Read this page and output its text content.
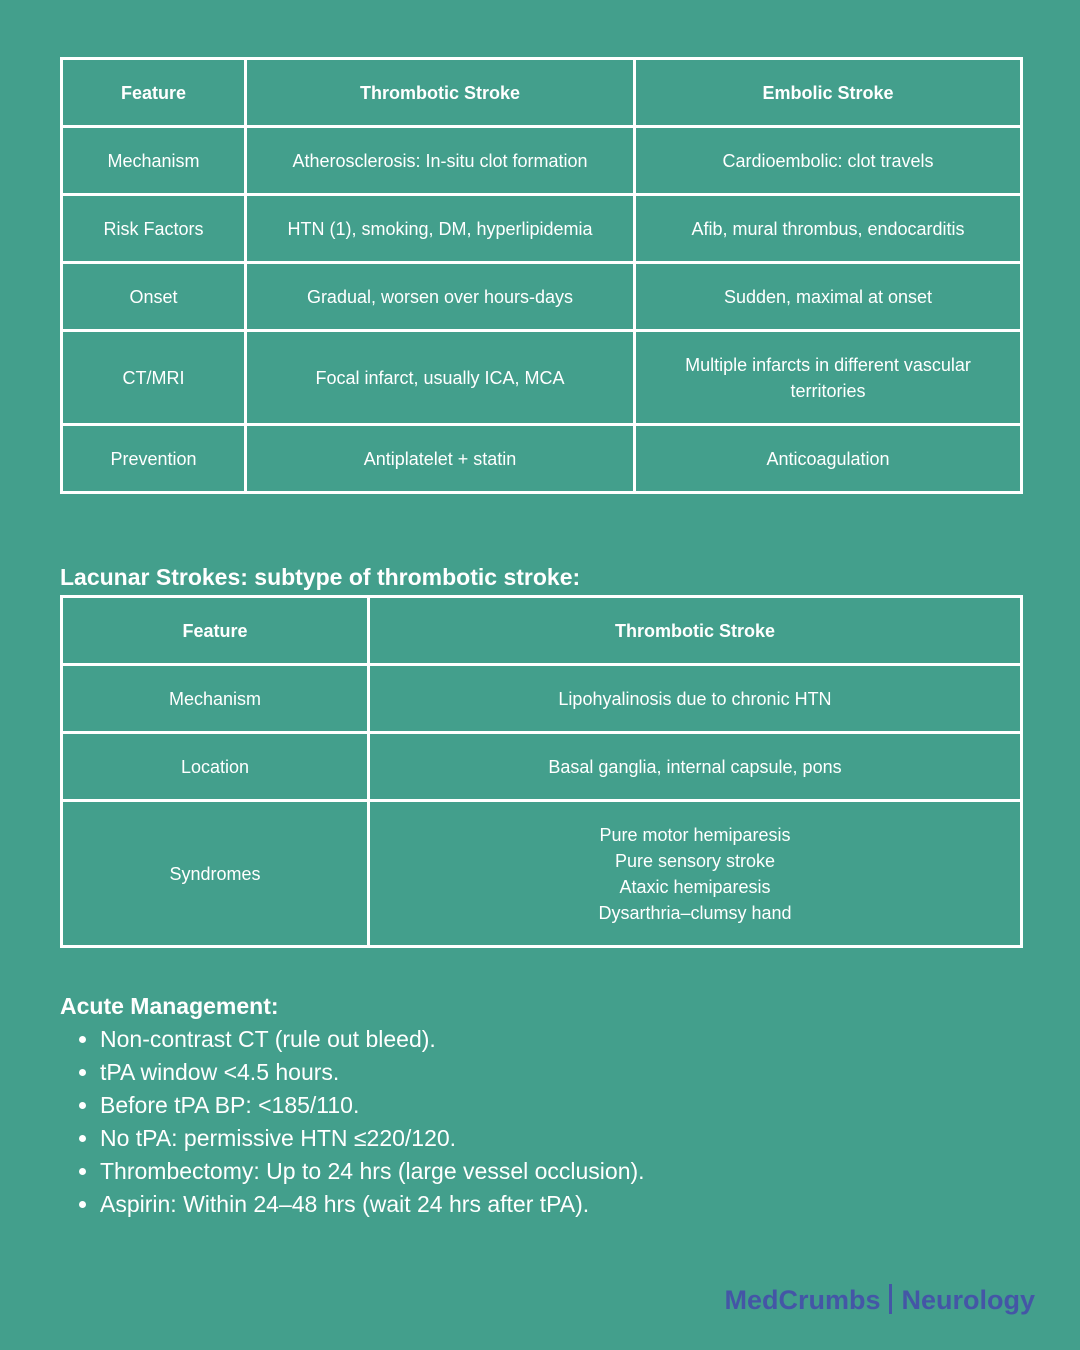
Feature	Thrombotic Stroke	Embolic Stroke
Mechanism	Atherosclerosis: In-situ clot formation	Cardioembolic: clot travels
Risk Factors	HTN (1), smoking, DM, hyperlipidemia	Afib, mural thrombus, endocarditis
Onset	Gradual, worsen over hours-days	Sudden, maximal at onset
CT/MRI	Focal infarct, usually ICA, MCA	Multiple infarcts in different vascular territories
Prevention	Antiplatelet + statin	Anticoagulation
Lacunar Strokes: subtype of thrombotic stroke:
Feature	Thrombotic Stroke
Mechanism	Lipohyalinosis due to chronic HTN
Location	Basal ganglia, internal capsule, pons
Syndromes	Pure motor hemiparesis
Pure sensory stroke
Ataxic hemiparesis
Dysarthria–clumsy hand
Acute Management:
• Non-contrast CT (rule out bleed).
• tPA window <4.5 hours.
• Before tPA BP: <185/110.
• No tPA: permissive HTN ≤220/120.
• Thrombectomy: Up to 24 hrs (large vessel occlusion).
• Aspirin: Within 24–48 hrs (wait 24 hrs after tPA).
MedCrumbs Neurology
